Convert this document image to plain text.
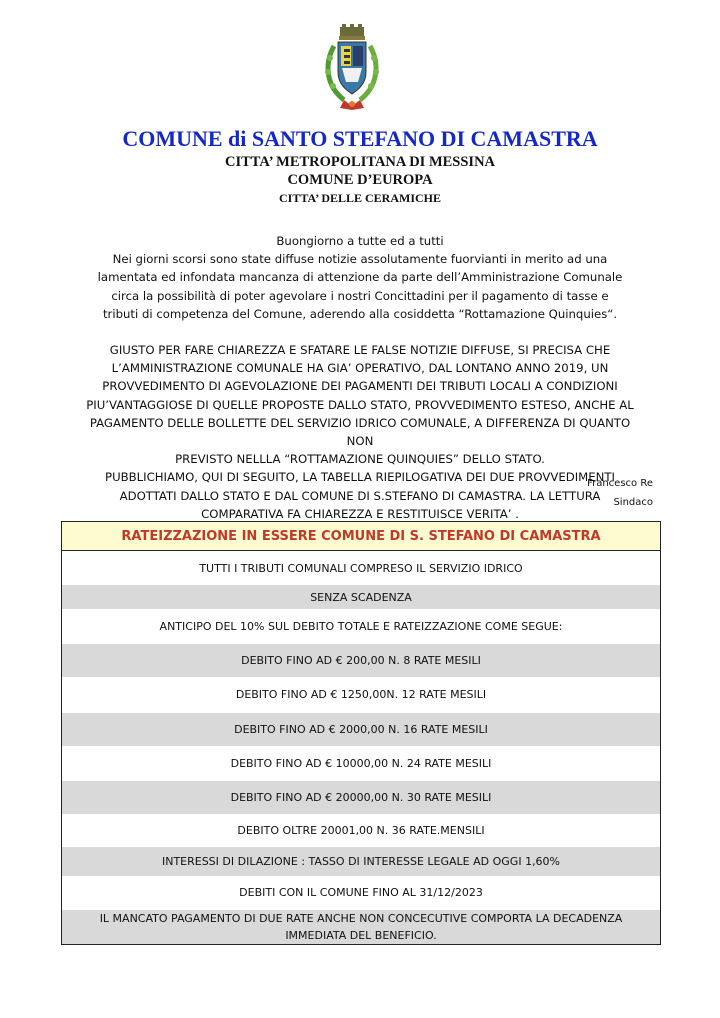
COMUNE di SANTO STEFANO DI CAMASTRA
CITTA’ METROPOLITANA DI MESSINA
COMUNE D’EUROPA
CITTA’ DELLE CERAMICHE

Buongiorno a tutte ed a tutti

Nei giorni scorsi sono state diffuse notizie assolutamente fuorvianti in merito ad una

lamentata ed infondata mancanza di attenzione da parte dell’Amministrazione Comunale

circa la possibilità di poter agevolare i nostri Concittadini per il pagamento di tasse e

tributi di competenza del Comune, aderendo alla cosiddetta “Rottamazione Quinquies“.

GIUSTO PER FARE CHIAREZZA E SFATARE LE FALSE NOTIZIE DIFFUSE, SI PRECISA CHE

L’AMMINISTRAZIONE COMUNALE HA GIA’ OPERATIVO, DAL LONTANO ANNO 2019, UN

PROVVEDIMENTO DI AGEVOLAZIONE DEI PAGAMENTI DEI TRIBUTI LOCALI A CONDIZIONI

PIU’VANTAGGIOSE DI QUELLE PROPOSTE DALLO STATO, PROVVEDIMENTO ESTESO, ANCHE AL

PAGAMENTO DELLE BOLLETTE DEL SERVIZIO IDRICO COMUNALE, A DIFFERENZA DI QUANTO NON

PREVISTO NELLLA “ROTTAMAZIONE QUINQUIES” DELLO STATO.

PUBBLICHIAMO, QUI DI SEGUITO, LA TABELLA RIEPILOGATIVA DEI DUE PROVVEDIMENTI

ADOTTATI DALLO STATO E DAL COMUNE DI S.STEFANO DI CAMASTRA. LA LETTURA

COMPARATIVA FA CHIAREZZA E RESTITUISCE VERITA’ .

Francesco Re
Sindaco
RATEIZZAZIONE IN ESSERE COMUNE DI S. STEFANO DI CAMASTRA
TUTTI I TRIBUTI COMUNALI COMPRESO IL SERVIZIO IDRICO
SENZA SCADENZA
ANTICIPO DEL 10% SUL DEBITO TOTALE E RATEIZZAZIONE COME SEGUE:
DEBITO FINO AD € 200,00 N. 8 RATE MESILI
DEBITO FINO AD € 1250,00N. 12 RATE MESILI
DEBITO FINO AD € 2000,00 N. 16 RATE MESILI
DEBITO FINO AD € 10000,00 N. 24 RATE MESILI
DEBITO FINO AD € 20000,00 N. 30 RATE MESILI
DEBITO OLTRE 20001,00 N. 36 RATE.MENSILI
INTERESSI DI DILAZIONE : TASSO DI INTERESSE LEGALE AD OGGI 1,60%
DEBITI CON IL COMUNE FINO AL 31/12/2023
IL MANCATO PAGAMENTO DI DUE RATE ANCHE NON CONCECUTIVE COMPORTA LA DECADENZA
IMMEDIATA DEL BENEFICIO.
